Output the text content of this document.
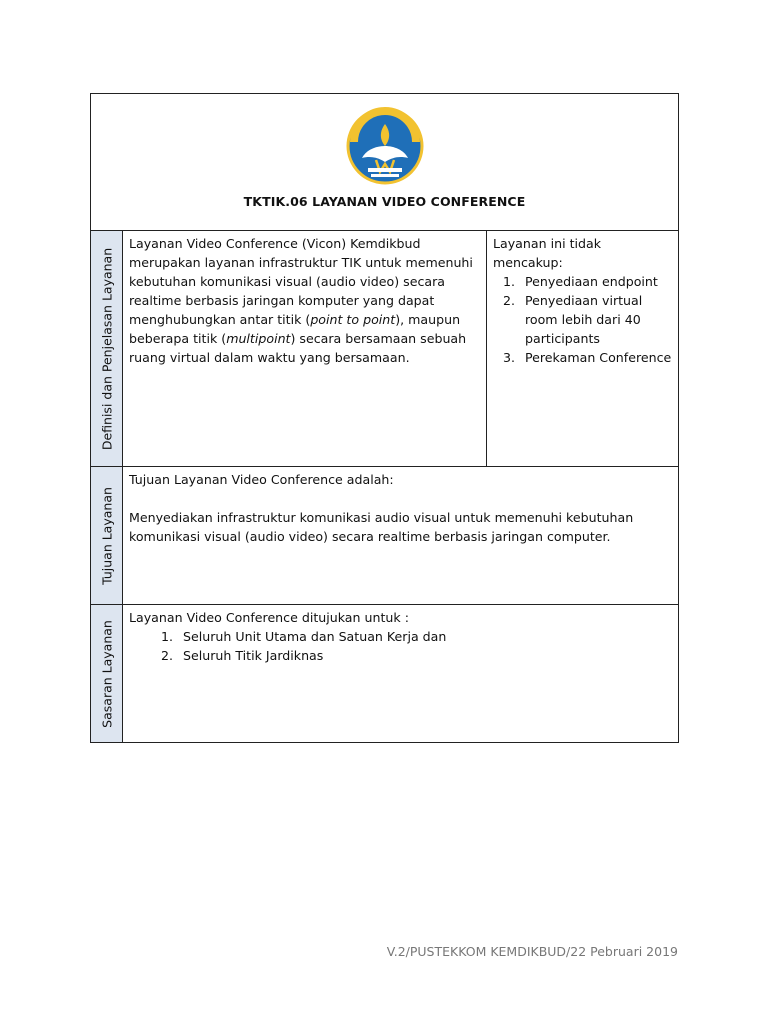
TKTIK.06 LAYANAN VIDEO CONFERENCE
Definisi dan Penjelasan Layanan
Layanan Video Conference (Vicon) Kemdikbud merupakan layanan infrastruktur TIK untuk memenuhi kebutuhan komunikasi visual (audio video) secara realtime berbasis jaringan komputer yang dapat menghubungkan antar titik (point to point), maupun beberapa titik (multipoint) secara bersamaan sebuah ruang virtual dalam waktu yang bersamaan.
Layanan ini tidak mencakup:
1. Penyediaan endpoint
2. Penyediaan virtual room lebih dari 40 participants
3. Perekaman Conference
Tujuan Layanan
Tujuan Layanan Video Conference adalah:
Menyediakan infrastruktur komunikasi audio visual untuk memenuhi kebutuhan komunikasi visual (audio video) secara realtime berbasis jaringan computer.
Sasaran Layanan
Layanan Video Conference ditujukan untuk :
1. Seluruh Unit Utama dan Satuan Kerja dan
2. Seluruh Titik Jardiknas
V.2/PUSTEKKOM KEMDIKBUD/22 Pebruari 2019
